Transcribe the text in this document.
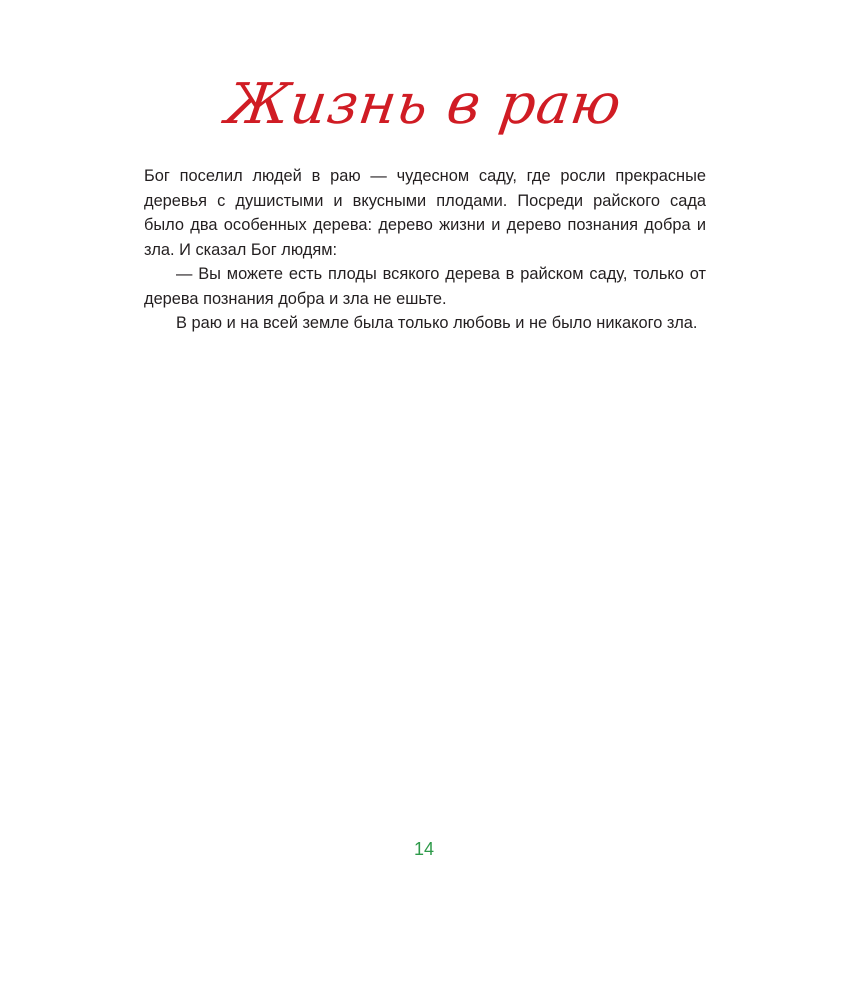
Жизнь в раю

Бог поселил людей в раю — чудесном саду, где росли прекрасные деревья с душистыми и вкусными плодами. Посреди райского сада было два особенных дерева: дерево жизни и дерево познания добра и зла. И сказал Бог людям:

— Вы можете есть плоды всякого дерева в райском саду, только от дерева познания добра и зла не ешьте.

В раю и на всей земле была только любовь и не было никакого зла.

14
